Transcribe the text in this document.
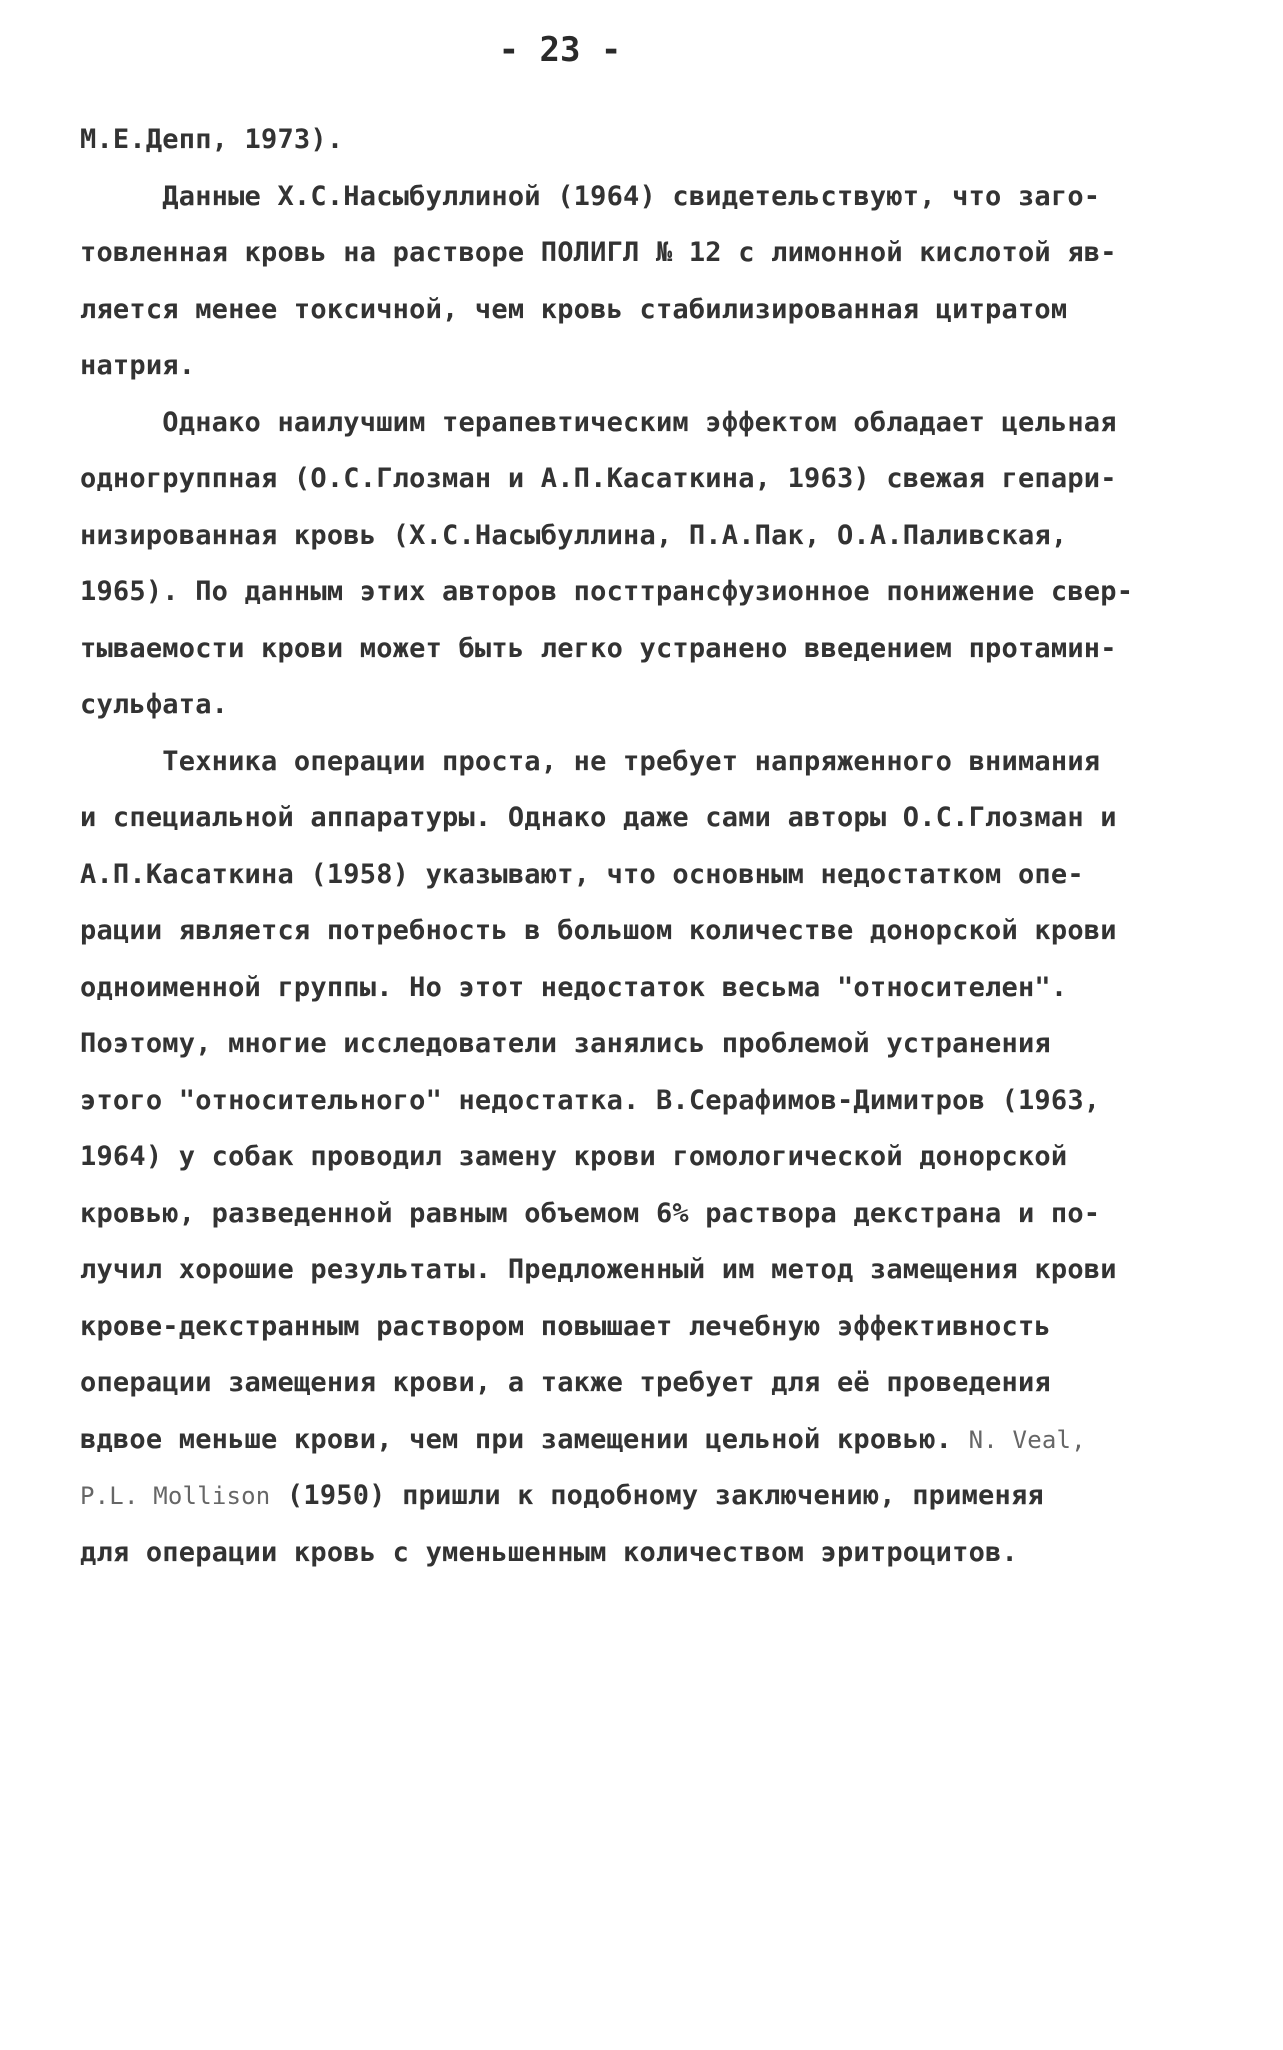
- 23 -
М.Е.Депп, 1973).
Данные Х.С.Насыбуллиной (1964) свидетельствуют, что заго-
товленная кровь на растворе ПОЛИГЛ № 12 с лимонной кислотой яв-
ляется менее токсичной, чем кровь стабилизированная цитратом
натрия.
Однако наилучшим терапевтическим эффектом обладает цельная
одногруппная (О.С.Глозман и А.П.Касаткина, 1963) свежая гепари-
низированная кровь (Х.С.Насыбуллина, П.А.Пак, О.А.Паливская,
1965). По данным этих авторов посттрансфузионное понижение свер-
тываемости крови может быть легко устранено введением протамин-
сульфата.
Техника операции проста, не требует напряженного внимания
и специальной аппаратуры. Однако даже сами авторы О.С.Глозман и
А.П.Касаткина (1958) указывают, что основным недостатком опе-
рации является потребность в большом количестве донорской крови
одноименной группы. Но этот недостаток весьма "относителен".
Поэтому, многие исследователи занялись проблемой устранения
этого "относительного" недостатка. В.Серафимов-Димитров (1963,
1964) у собак проводил замену крови гомологической донорской
кровью, разведенной равным объемом 6% раствора декстрана и по-
лучил хорошие результаты. Предложенный им метод замещения крови
крове-декстранным раствором повышает лечебную эффективность
операции замещения крови, а также требует для её проведения
вдвое меньше крови, чем при замещении цельной кровью. N. Veal,
P.L. Mollison (1950) пришли к подобному заключению, применяя
для операции кровь с уменьшенным количеством эритроцитов.
